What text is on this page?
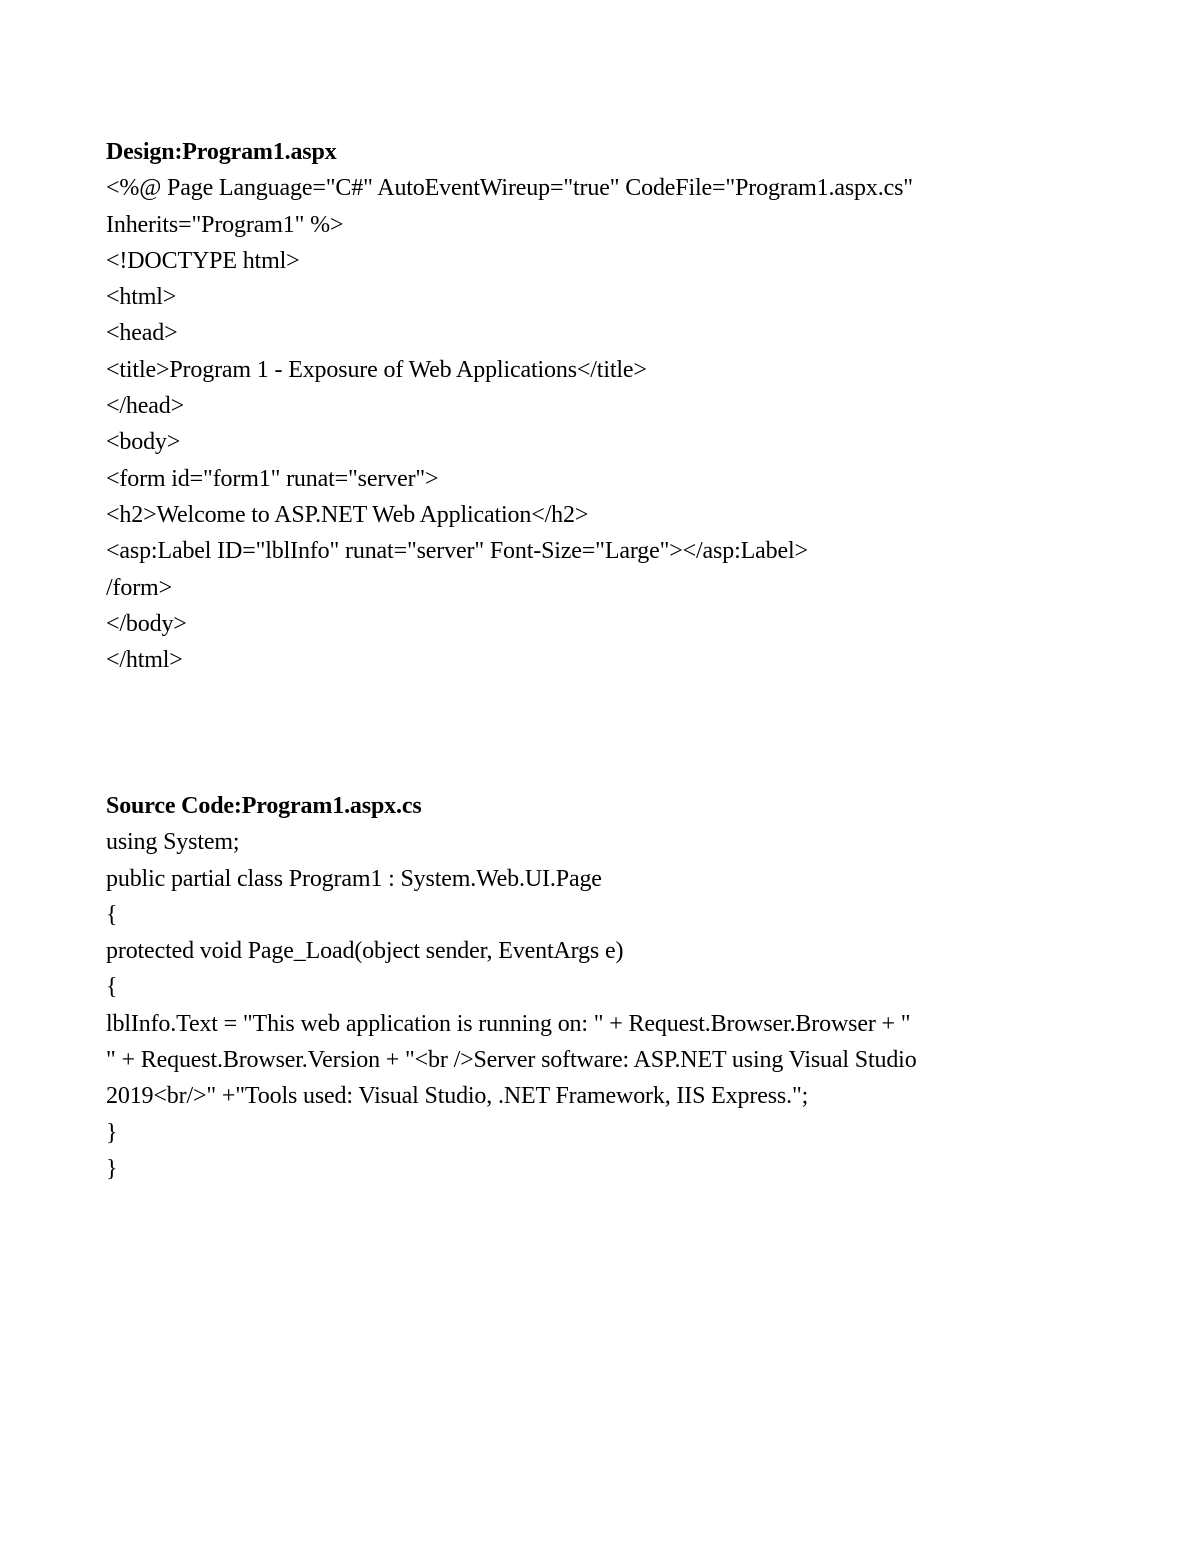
Design:Program1.aspx
<%@ Page Language="C#" AutoEventWireup="true" CodeFile="Program1.aspx.cs"
Inherits="Program1" %>
<!DOCTYPE html>
<html>
<head>
<title>Program 1 - Exposure of Web Applications</title>
</head>
<body>
<form id="form1" runat="server">
<h2>Welcome to ASP.NET Web Application</h2>
<asp:Label ID="lblInfo" runat="server" Font-Size="Large"></asp:Label>
/form>
</body>
</html>
Source Code:Program1.aspx.cs
using System;
public partial class Program1 : System.Web.UI.Page
{
protected void Page_Load(object sender, EventArgs e)
{
lblInfo.Text = "This web application is running on: " + Request.Browser.Browser + "
" + Request.Browser.Version + "<br />Server software: ASP.NET using Visual Studio
2019<br/>" +"Tools used: Visual Studio, .NET Framework, IIS Express.";
}
}
